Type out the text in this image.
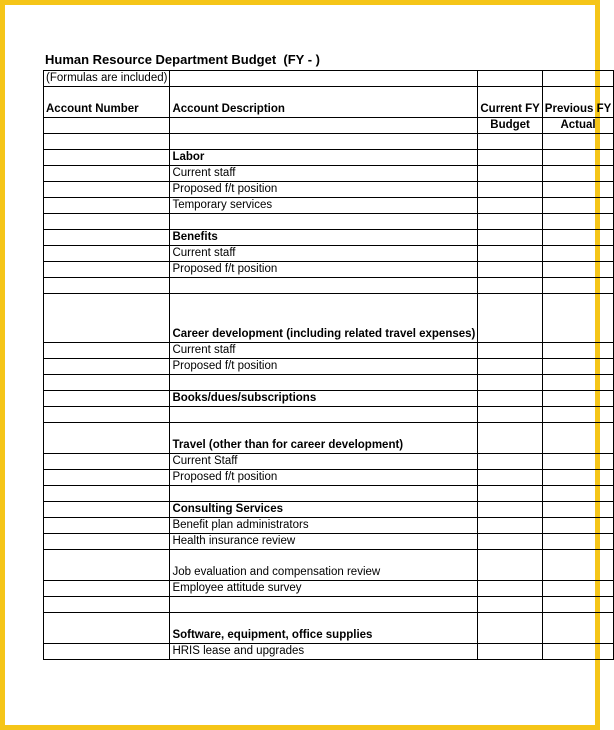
Human Resource Department Budget  (FY - )
(Formulas are included)			
Account Number	Account Description	Current FY	Previous FY
		Budget	Actual

	Labor		
	Current staff		
	Proposed f/t position		
	Temporary services		

	Benefits		
	Current staff		
	Proposed f/t position		

	Career development (including related travel expenses)		
	Current staff		
	Proposed f/t position		

	Books/dues/subscriptions		

	Travel (other than for career development)		
	Current Staff		
	Proposed f/t position		

	Consulting Services		
	Benefit plan administrators		
	Health insurance review		
	Job evaluation and compensation review		
	Employee attitude survey		

	Software, equipment, office supplies		
	HRIS lease and upgrades		
